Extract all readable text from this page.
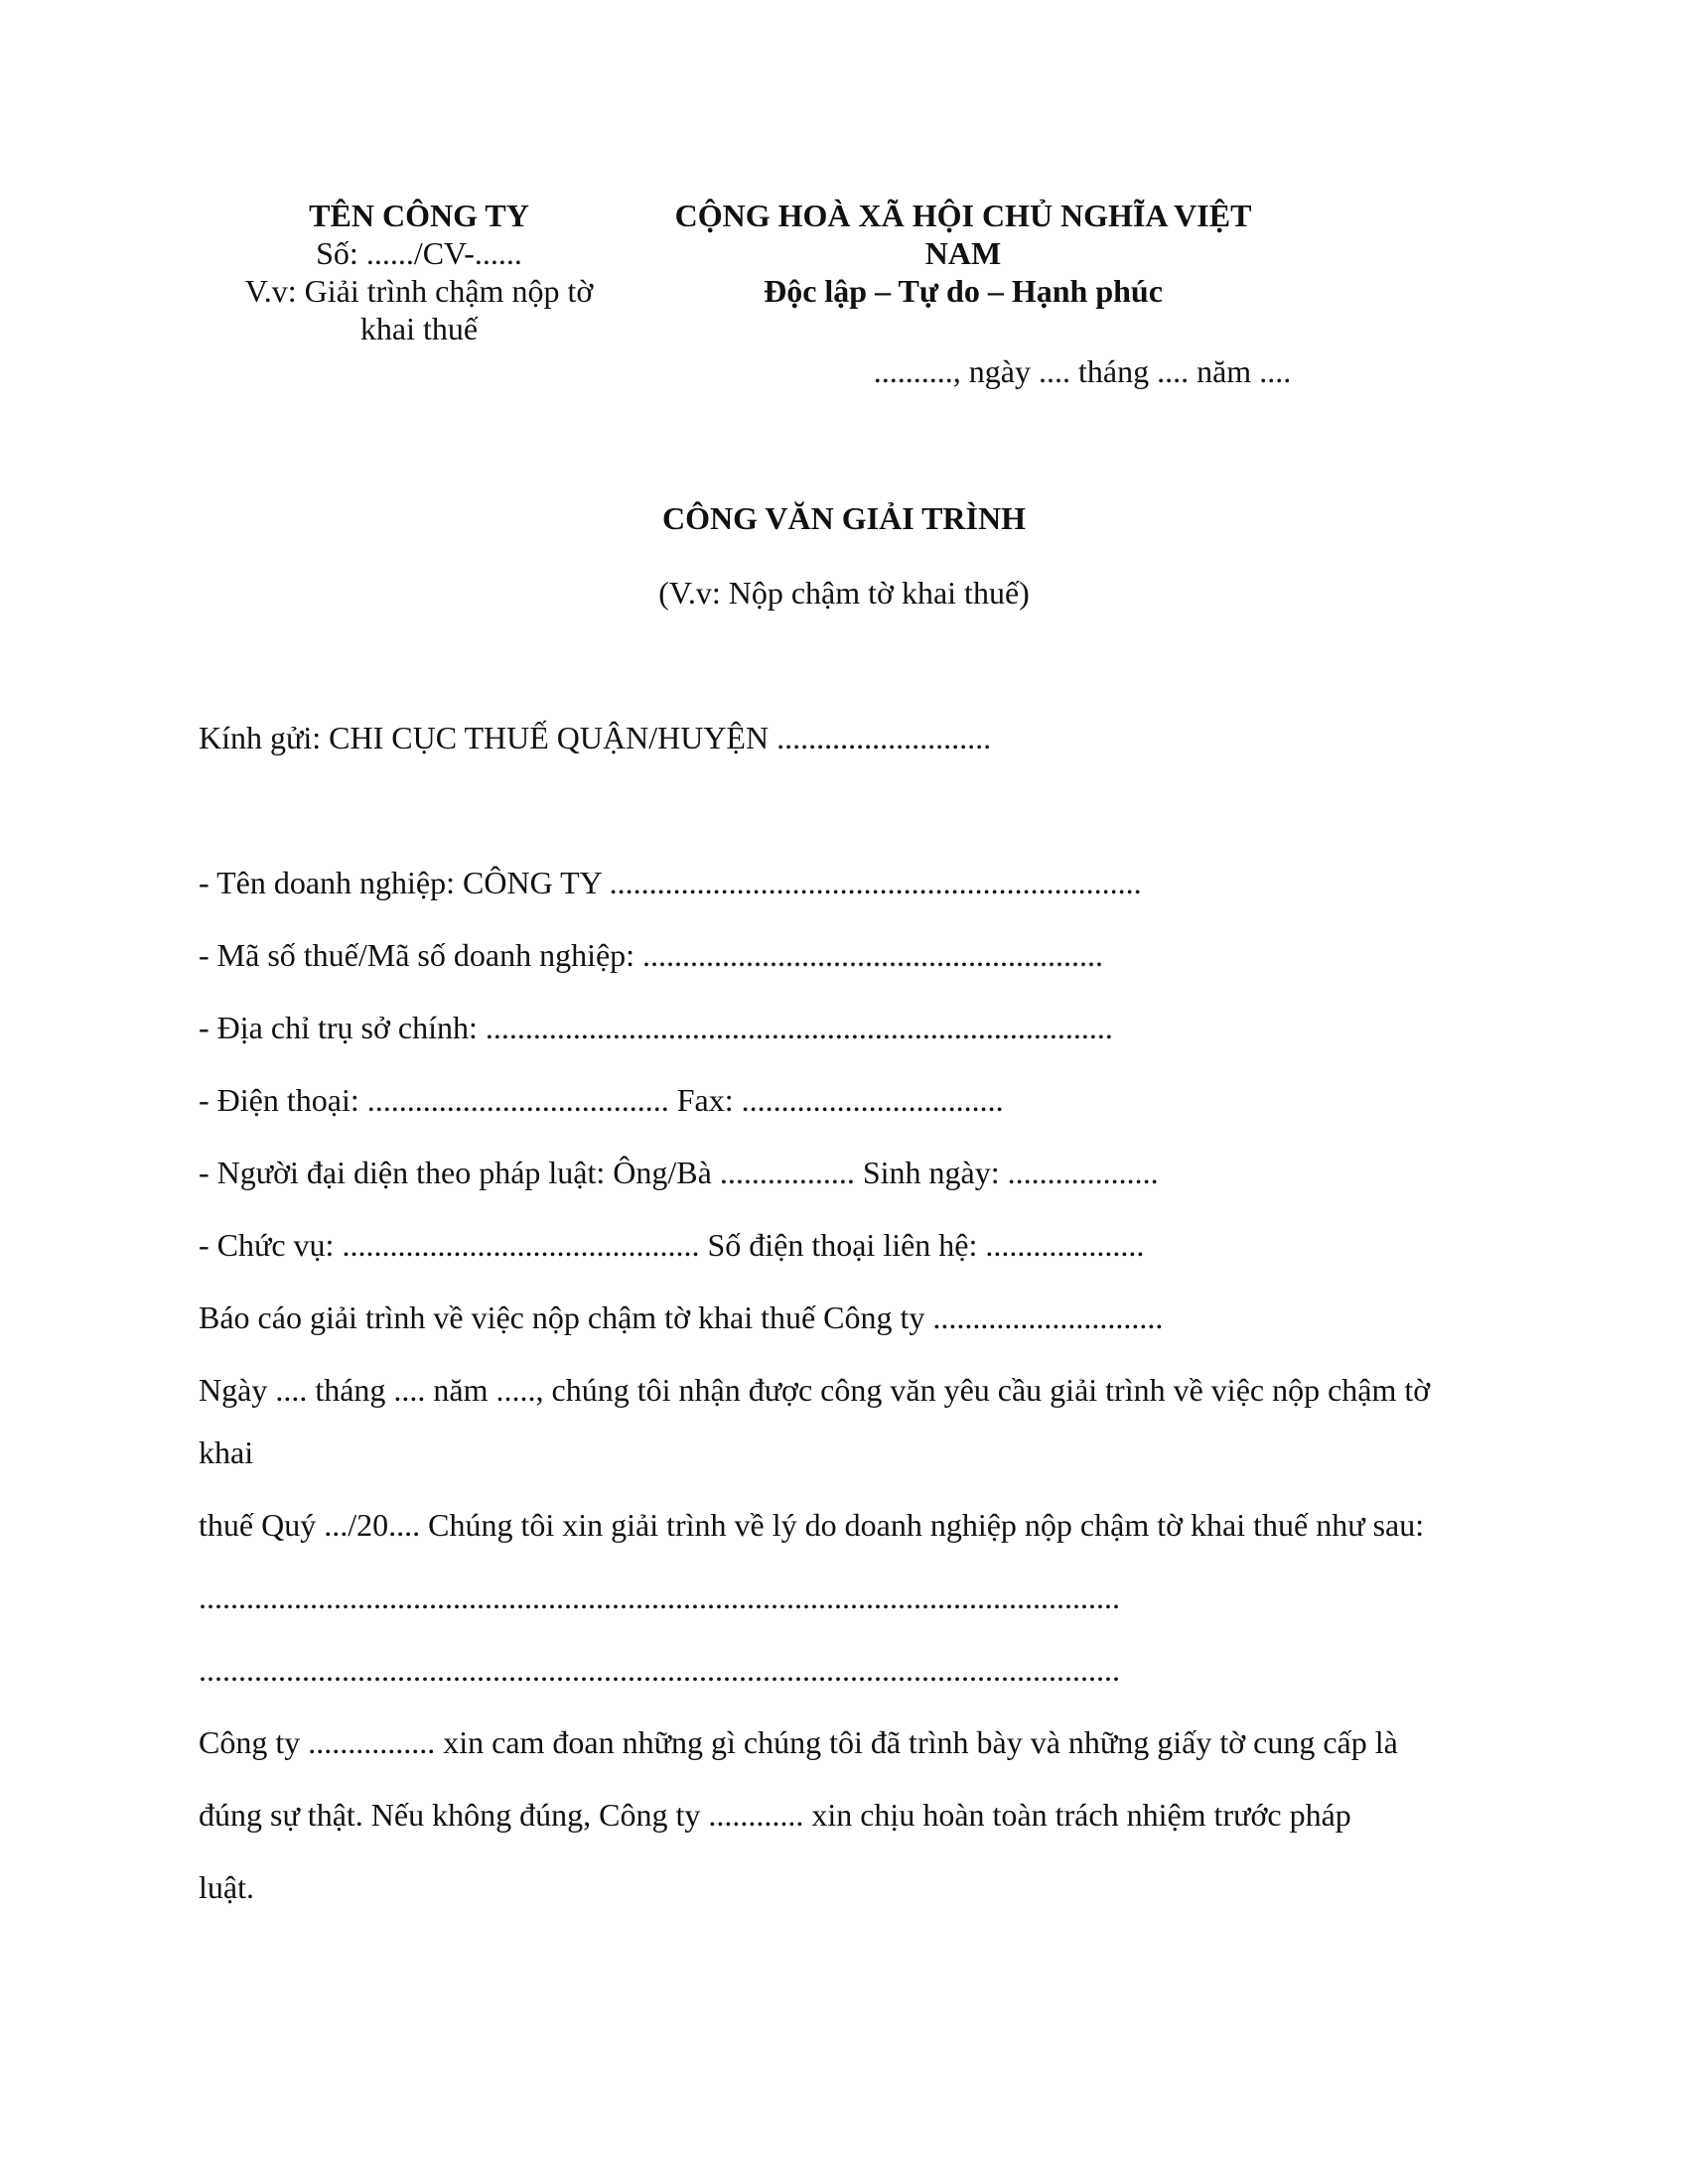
TÊN CÔNG TY
Số: ....../CV-......
V.v: Giải trình chậm nộp tờ
khai thuế
CỘNG HOÀ XÃ HỘI CHỦ NGHĨA VIỆT
NAM
Độc lập – Tự do – Hạnh phúc
.........., ngày .... tháng .... năm ....
CÔNG VĂN GIẢI TRÌNH
(V.v: Nộp chậm tờ khai thuế)
Kính gửi: CHI CỤC THUẾ QUẬN/HUYỆN ...........................
- Tên doanh nghiệp: CÔNG TY ...................................................................
- Mã số thuế/Mã số doanh nghiệp: ..........................................................
- Địa chỉ trụ sở chính: ...............................................................................
- Điện thoại: ...................................... Fax: .................................
- Người đại diện theo pháp luật: Ông/Bà ................. Sinh ngày: ...................
- Chức vụ: ............................................. Số điện thoại liên hệ: ....................
Báo cáo giải trình về việc nộp chậm tờ khai thuế Công ty .............................
Ngày .... tháng .... năm ....., chúng tôi nhận được công văn yêu cầu giải trình về việc nộp chậm tờ
khai
thuế Quý .../20.... Chúng tôi xin giải trình về lý do doanh nghiệp nộp chậm tờ khai thuế như sau:
....................................................................................................................
....................................................................................................................
Công ty ................ xin cam đoan những gì chúng tôi đã trình bày và những giấy tờ cung cấp là
đúng sự thật. Nếu không đúng, Công ty ............ xin chịu hoàn toàn trách nhiệm trước pháp
luật.
